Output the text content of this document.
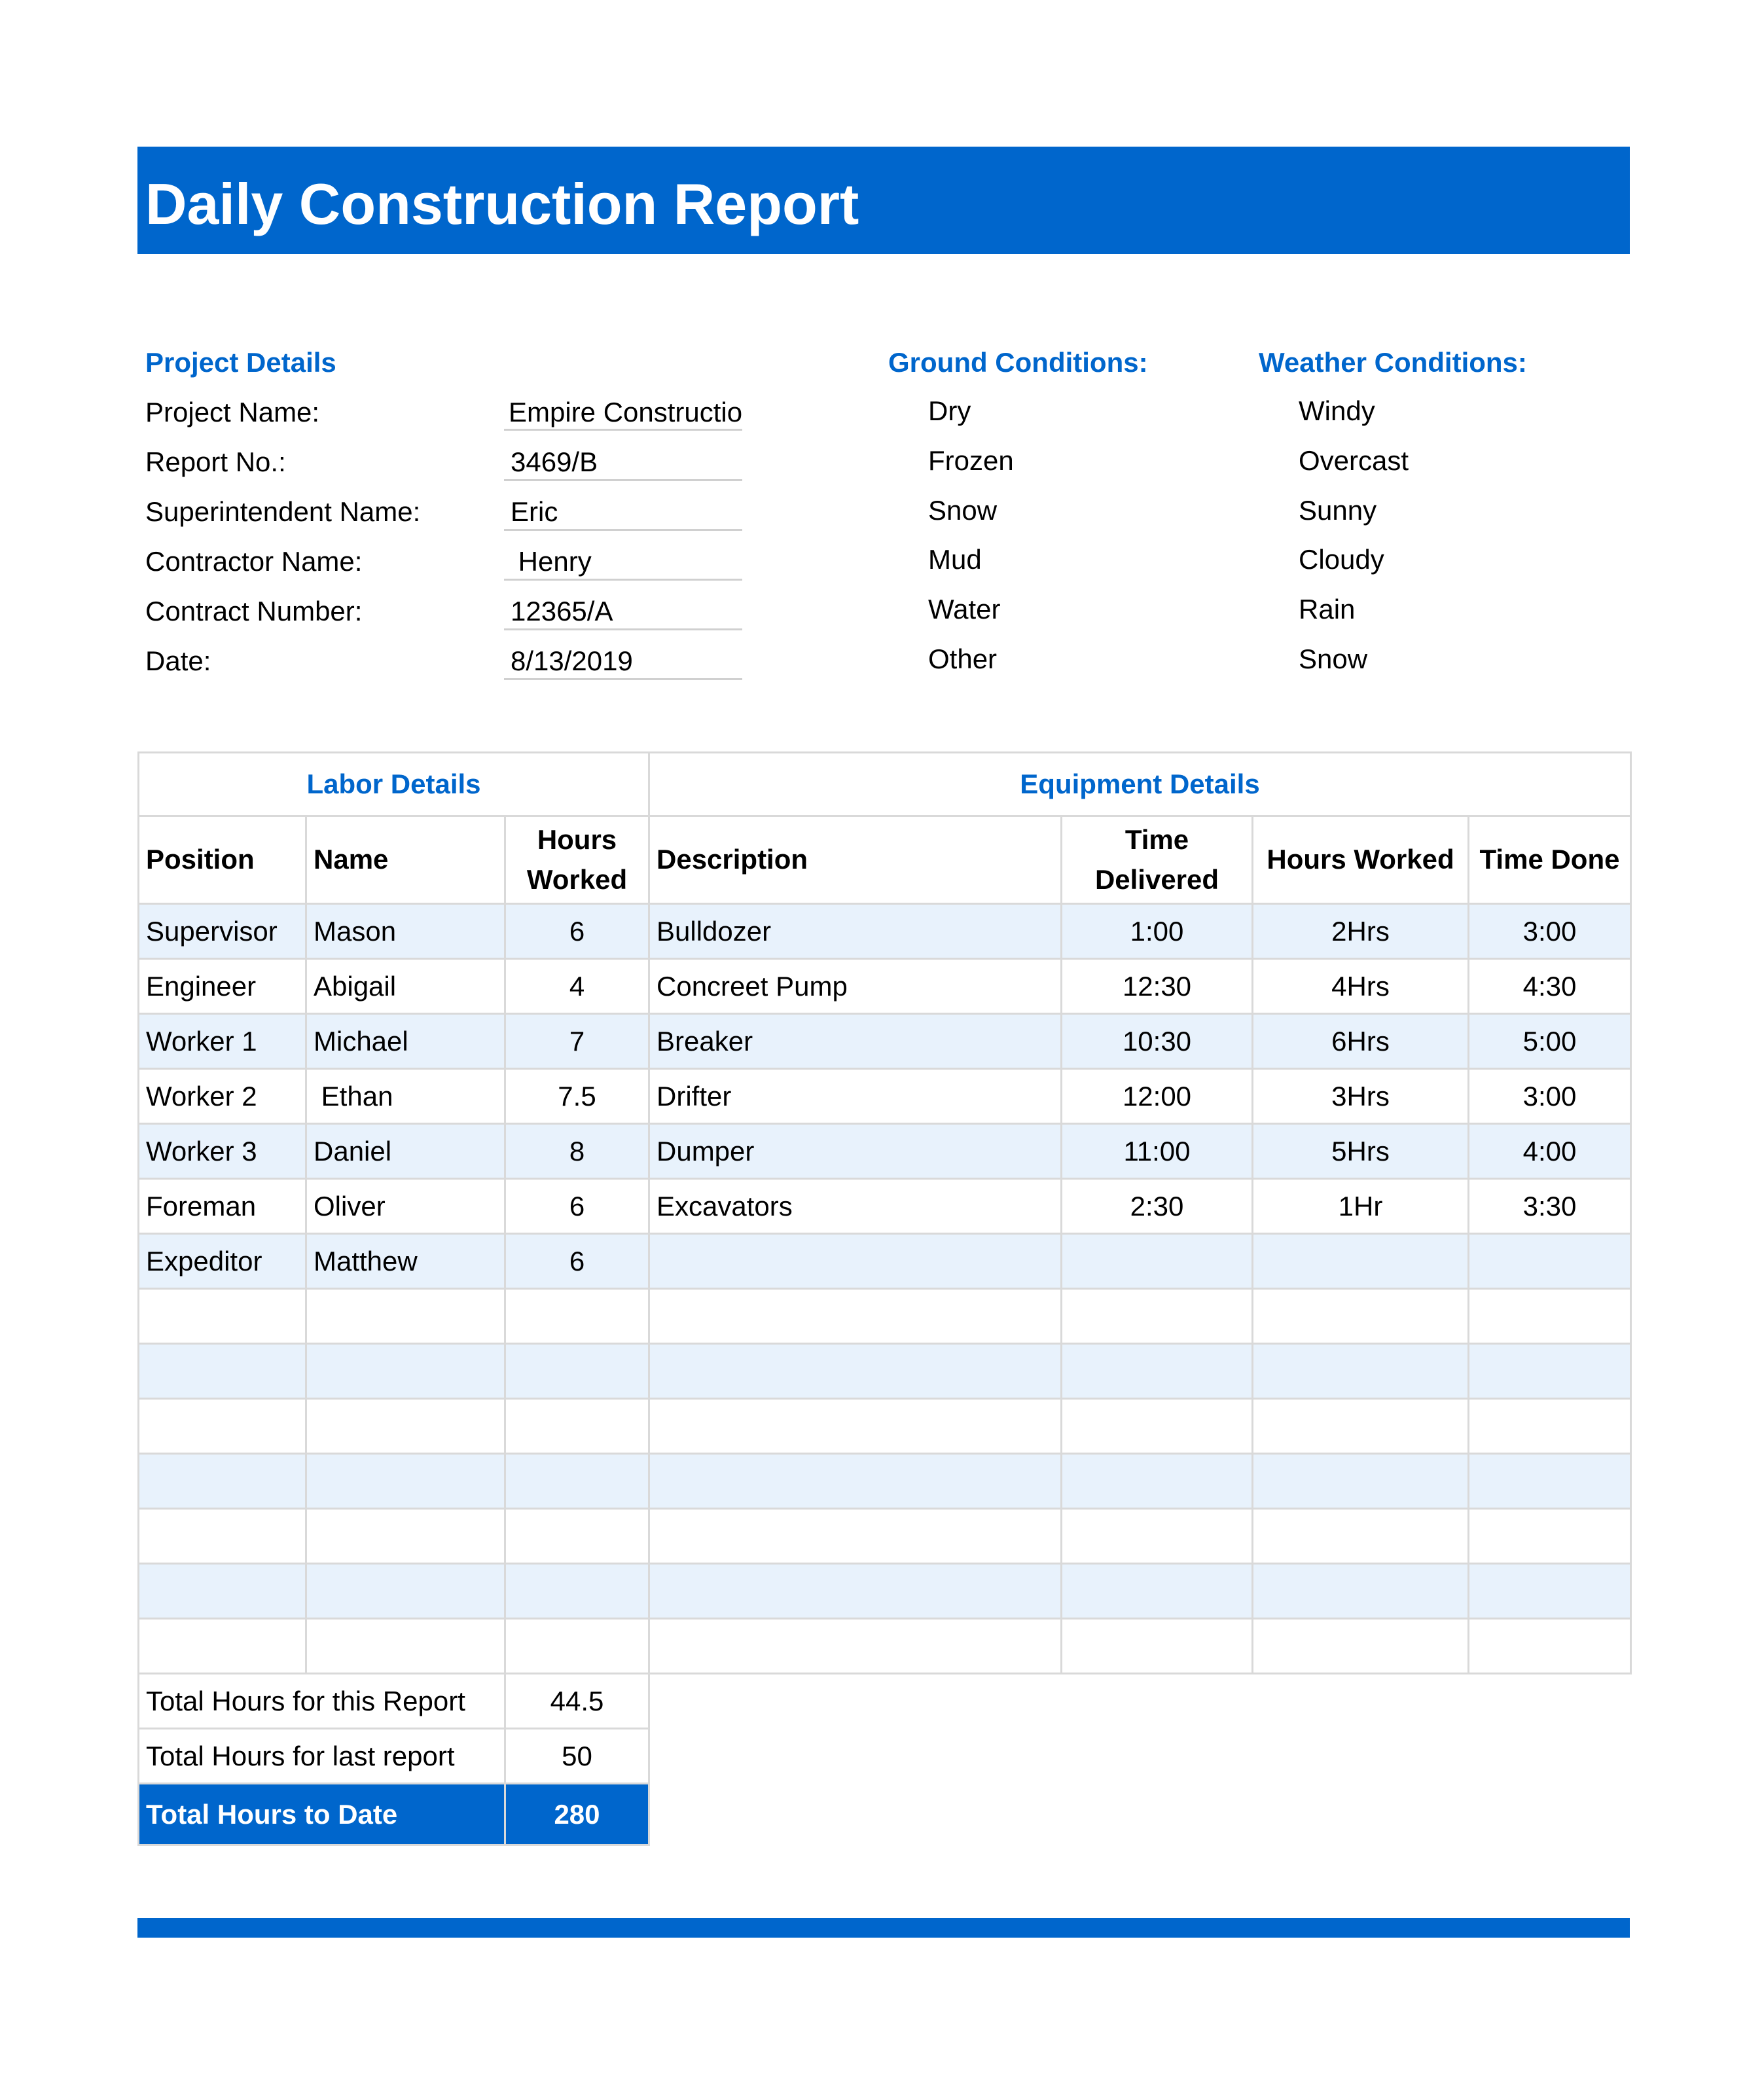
Daily Construction Report
Project Details	Ground Conditions:	Weather Conditions:
Project Name:	Empire Constructio
Report No.:	3469/B
Superintendent Name:	Eric
Contractor Name:	Henry
Contract Number:	12365/A
Date:	8/13/2019
Dry
Frozen
Snow
Mud
Water
Other
Windy
Overcast
Sunny
Cloudy
Rain
Snow
Labor Details			Equipment Details			
Position	Name	Hours Worked	Description	Time Delivered	Hours Worked	Time Done
Supervisor	Mason	6	Bulldozer	1:00	2Hrs	3:00
Engineer	Abigail	4	Concreet Pump	12:30	4Hrs	4:30
Worker 1	Michael	7	Breaker	10:30	6Hrs	5:00
Worker 2	Ethan	7.5	Drifter	12:00	3Hrs	3:00
Worker 3	Daniel	8	Dumper	11:00	5Hrs	4:00
Foreman	Oliver	6	Excavators	2:30	1Hr	3:30
Expeditor	Matthew	6				

Total Hours for this Report		44.5				
Total Hours for last report		50				
Total Hours to Date		280				
